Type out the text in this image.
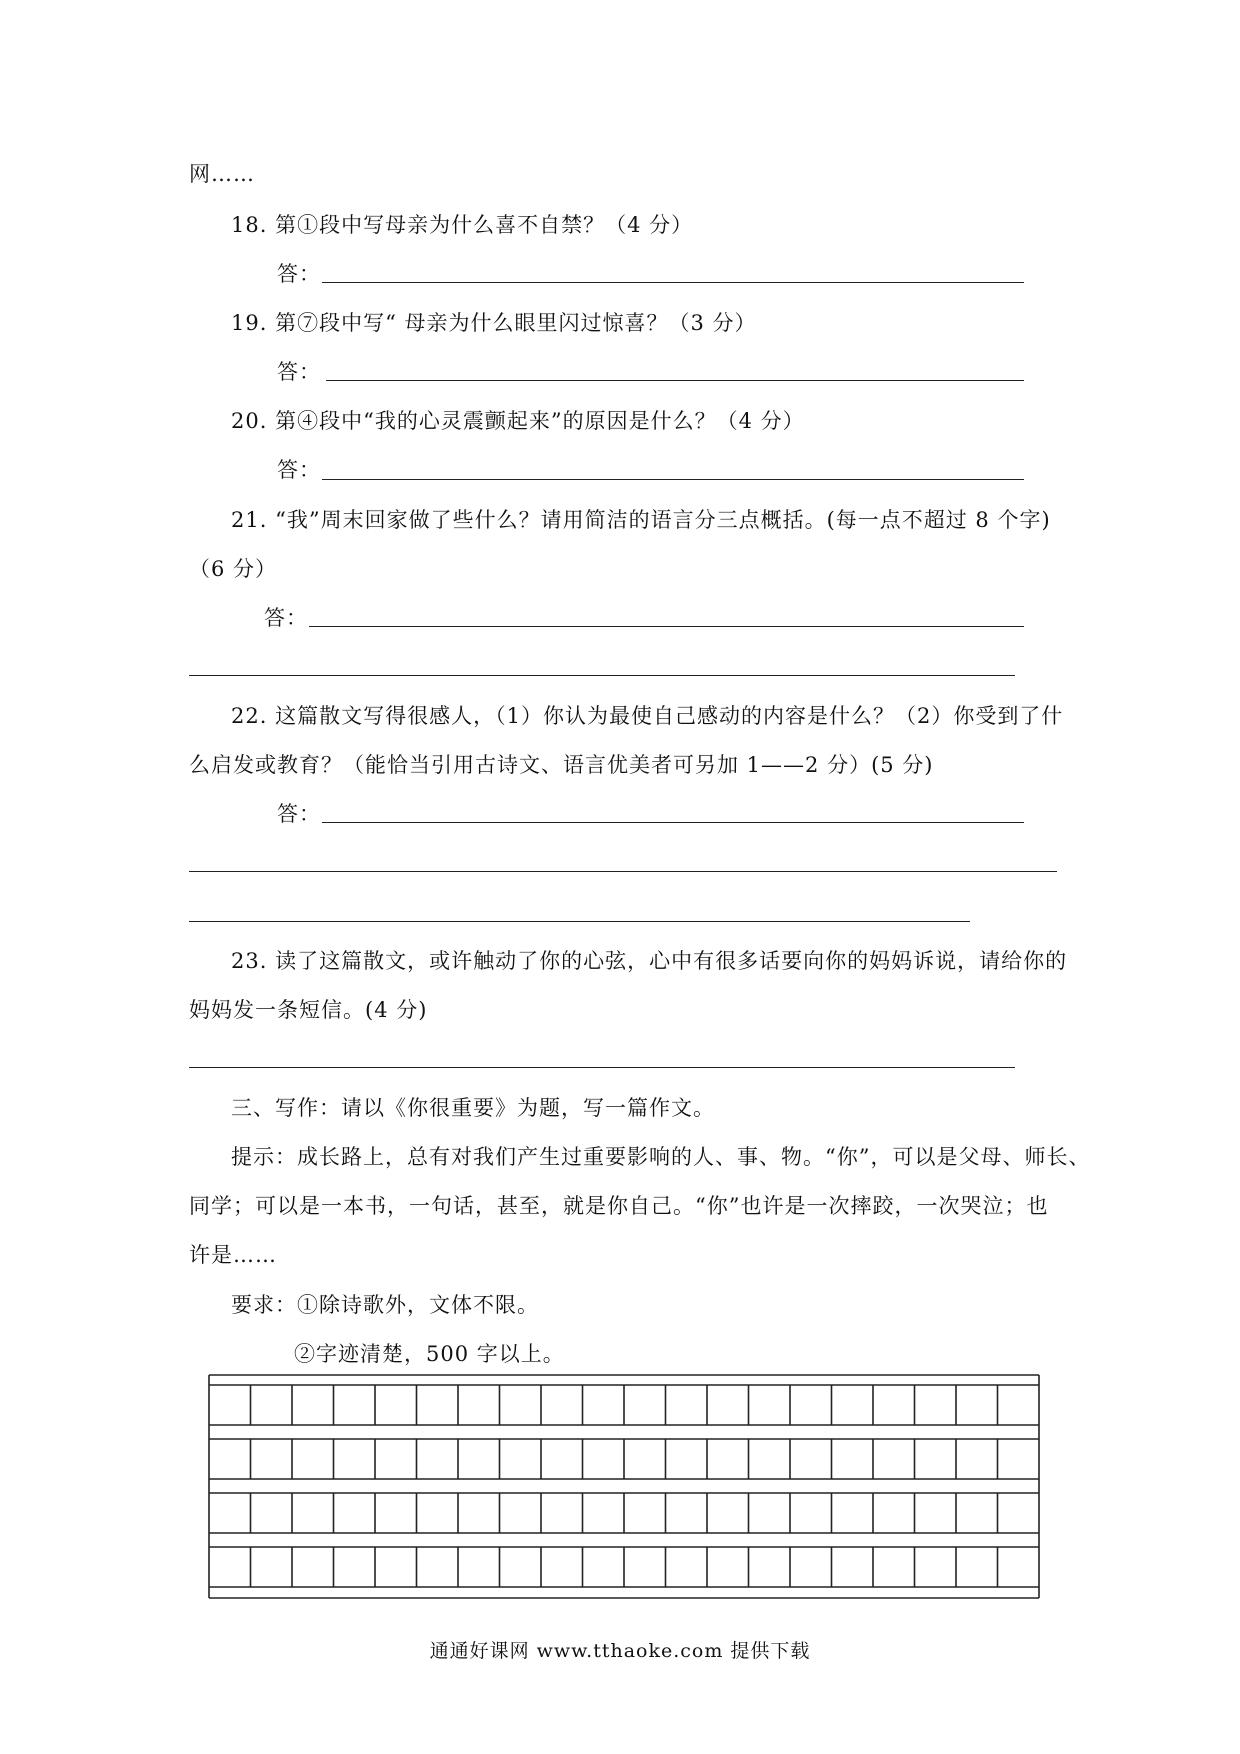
网……
18. 第①段中写母亲为什么喜不自禁？（4 分）
答：
19. 第⑦段中写“ 母亲为什么眼里闪过惊喜？（3 分）
答：
20. 第④段中“我的心灵震颤起来”的原因是什么？（4 分）
答：
21. “我”周末回家做了些什么？请用简洁的语言分三点概括。(每一点不超过 8 个字)
（6 分）
答：
22. 这篇散文写得很感人，（1）你认为最使自己感动的内容是什么？（2）你受到了什
么启发或教育？（能恰当引用古诗文、语言优美者可另加 1——2 分）(5 分)
答：
23. 读了这篇散文，或许触动了你的心弦，心中有很多话要向你的妈妈诉说，请给你的
妈妈发一条短信。(4 分)
三、写作：请以《你很重要》为题，写一篇作文。
提示：成长路上，总有对我们产生过重要影响的人、事、物。“你”，可以是父母、师长、
同学；可以是一本书，一句话，甚至，就是你自己。“你”也许是一次摔跤，一次哭泣；也
许是……
要求：①除诗歌外，文体不限。
②字迹清楚，500 字以上。
通通好课网 www.tthaoke.com 提供下载
